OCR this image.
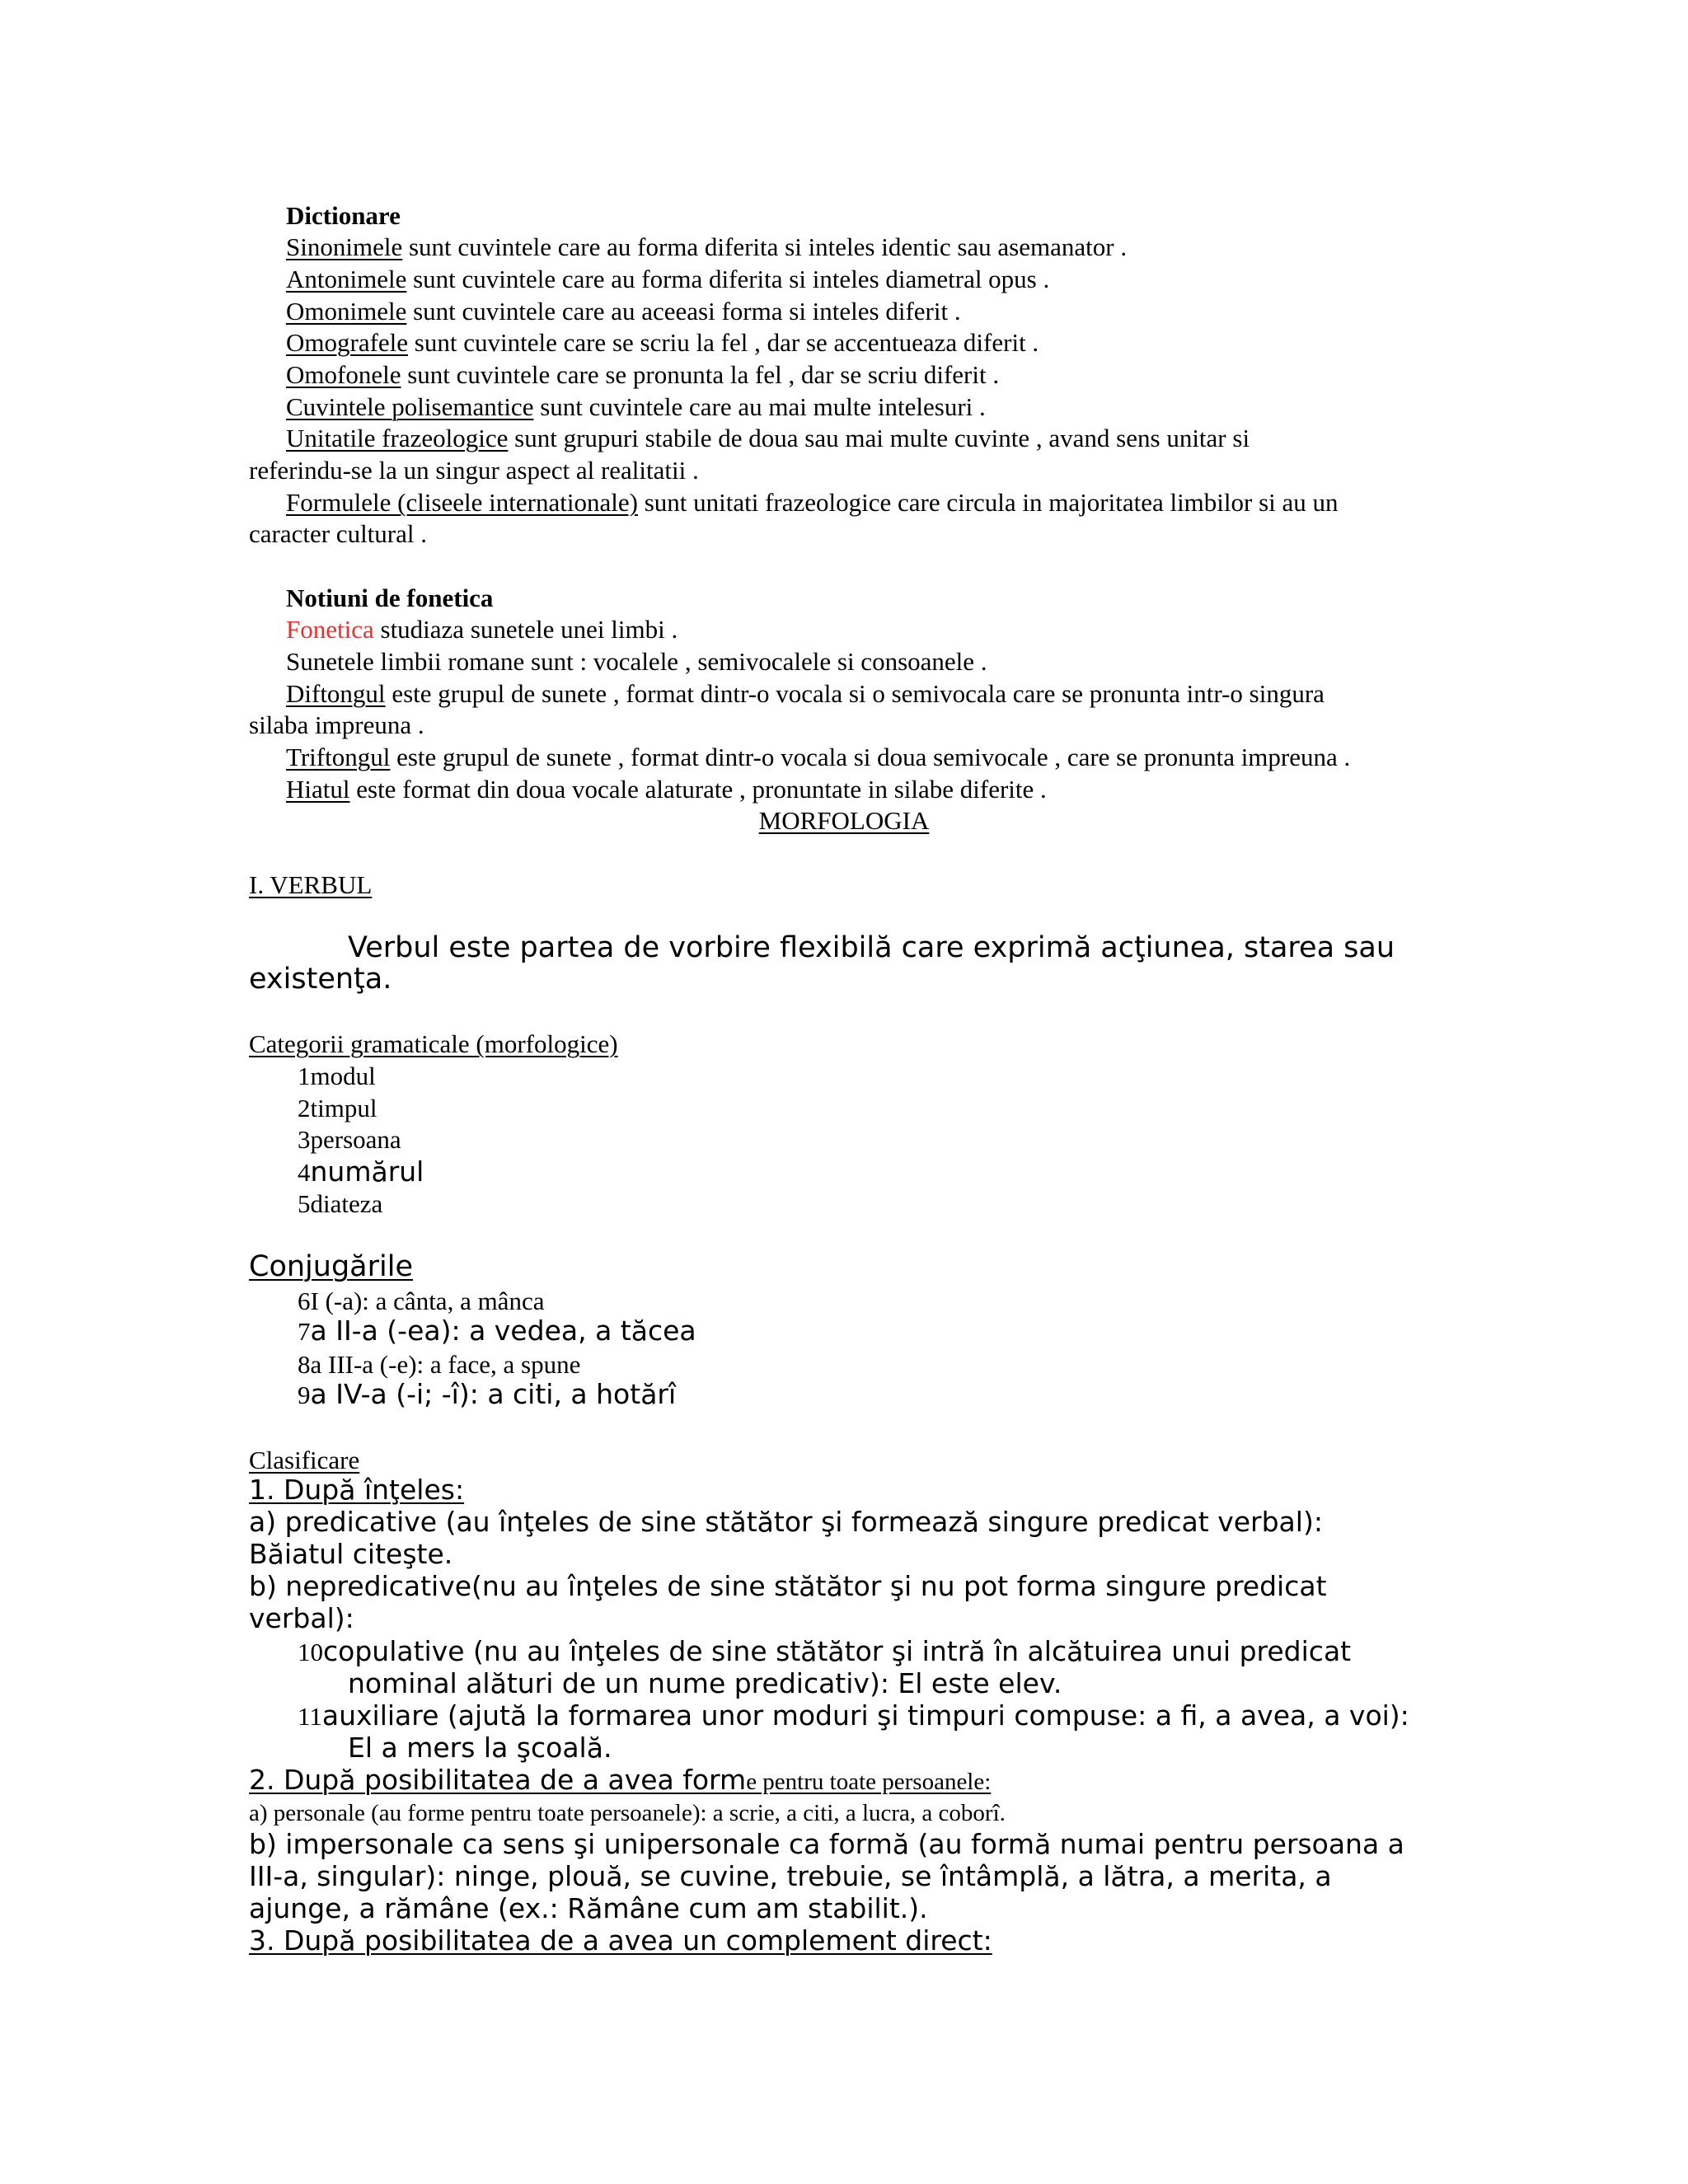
Dictionare
Sinonimele sunt cuvintele care au forma diferita si inteles identic sau asemanator .
Antonimele sunt cuvintele care au forma diferita si inteles diametral opus .
Omonimele sunt cuvintele care au aceeasi forma si inteles diferit .
Omografele sunt cuvintele care se scriu la fel , dar se accentueaza diferit .
Omofonele sunt cuvintele care se pronunta la fel , dar se scriu diferit .
Cuvintele polisemantice sunt cuvintele care au mai multe intelesuri .
Unitatile frazeologice sunt grupuri stabile de doua sau mai multe cuvinte , avand sens unitar si
referindu-se la un singur aspect al realitatii .
Formulele (cliseele internationale) sunt unitati frazeologice care circula in majoritatea limbilor si au un
caracter cultural .
Notiuni de fonetica
Fonetica studiaza sunetele unei limbi .
Sunetele limbii romane sunt : vocalele , semivocalele si consoanele .
Diftongul este grupul de sunete , format dintr-o vocala si o semivocala care se pronunta intr-o singura
silaba impreuna .
Triftongul este grupul de sunete , format dintr-o vocala si doua semivocale , care se pronunta impreuna .
Hiatul este format din doua vocale alaturate , pronuntate in silabe diferite .
MORFOLOGIA
I. VERBUL
Verbul este partea de vorbire flexibilă care exprimă acţiunea, starea sau
existenţa.
Categorii gramaticale (morfologice)
1modul
2timpul
3persoana
4numărul
5diateza
Conjugările
6I (-a): a cânta, a mânca
7a II-a (-ea): a vedea, a tăcea
8a III-a (-e): a face, a spune
9a IV-a (-i; -î): a citi, a hotărî
Clasificare
1. După înţeles:
a) predicative (au înţeles de sine stătător şi formează singure predicat verbal):
Băiatul citeşte.
b) nepredicative(nu au înţeles de sine stătător şi nu pot forma singure predicat
verbal):
10copulative (nu au înţeles de sine stătător şi intră în alcătuirea unui predicat
nominal alături de un nume predicativ): El este elev.
11auxiliare (ajută la formarea unor moduri şi timpuri compuse: a fi, a avea, a voi):
El a mers la şcoală.
2. După posibilitatea de a avea forme pentru toate persoanele:
a) personale (au forme pentru toate persoanele): a scrie, a citi, a lucra, a coborî.
b) impersonale ca sens şi unipersonale ca formă (au formă numai pentru persoana a
III-a, singular): ninge, plouă, se cuvine, trebuie, se întâmplă, a lătra, a merita, a
ajunge, a rămâne (ex.: Rămâne cum am stabilit.).
3. După posibilitatea de a avea un complement direct:
